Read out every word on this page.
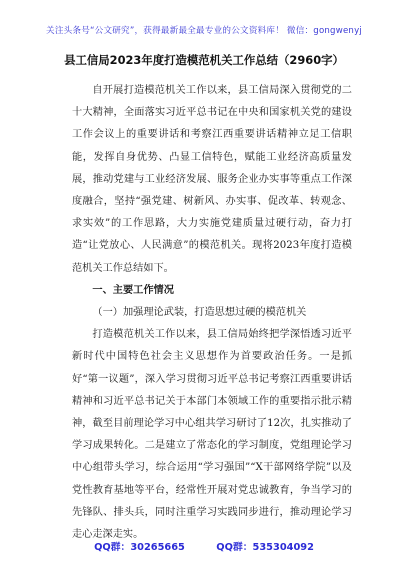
关注头条号“公文研究”，获得最新最全最专业的公文资料库！ 微信：gongwenyj
县工信局2023年度打造模范机关工作总结（2960字）

自开展打造模范机关工作以来，县工信局深入贯彻党的二十大精神，全面落实习近平总书记在中央和国家机关党的建设工作会议上的重要讲话和考察江西重要讲话精神立足工信职能，发挥自身优势、凸显工信特色，赋能工业经济高质量发展，推动党建与工业经济发展、服务企业办实事等重点工作深度融合，坚持“强党建、树新风、办实事、促改革、转观念、求实效”的工作思路，大力实施党建质量过硬行动，奋力打造“让党放心、人民满意”的模范机关。现将2023年度打造模范机关工作总结如下。

一、主要工作情况
（一）加强理论武装，打造思想过硬的模范机关

打造模范机关工作以来，县工信局始终把学深悟透习近平新时代中国特色社会主义思想作为首要政治任务。一是抓好“第一议题”，深入学习贯彻习近平总书记考察江西重要讲话精神和习近平总书记关于本部门本领域工作的重要指示批示精神，截至目前理论学习中心组共学习研讨了12次，扎实推动了学习成果转化。二是建立了常态化的学习制度，党组理论学习中心组带头学习，综合运用“学习强国”“X干部网络学院”以及党性教育基地等平台，经常性开展对党忠诚教育，争当学习的先锋队、排头兵，同时注重学习实践同步进行，推动理论学习走心走深走实。

QQ群：30265665	QQ群：535304092
